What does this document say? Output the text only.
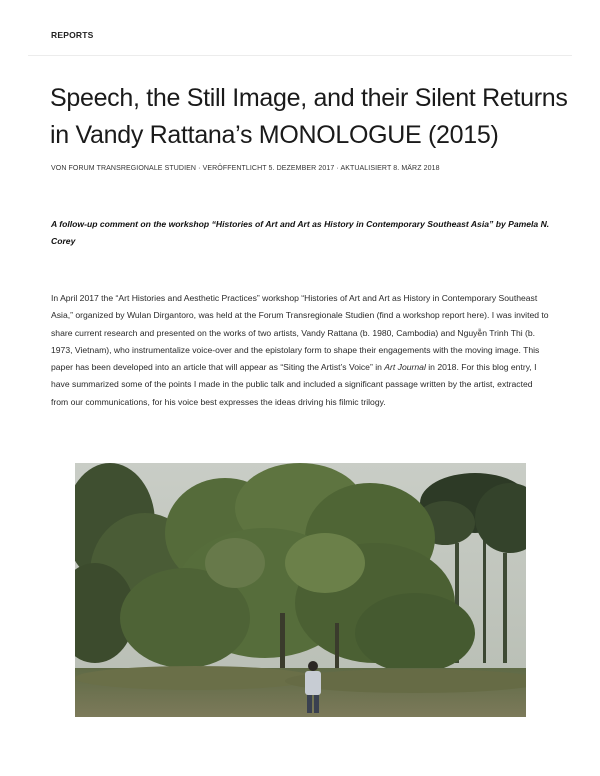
REPORTS
Speech, the Still Image, and their Silent Returns in Vandy Rattana’s MONOLOGUE (2015)
VON FORUM TRANSREGIONALE STUDIEN · VERÖFFENTLICHT 5. DEZEMBER 2017 · AKTUALISIERT 8. MÄRZ 2018

A follow-up comment on the workshop “Histories of Art and Art as History in Contemporary Southeast Asia” by Pamela N. Corey

In April 2017 the “Art Histories and Aesthetic Practices” workshop “Histories of Art and Art as History in Contemporary Southeast Asia,” organized by Wulan Dirgantoro, was held at the Forum Transregionale Studien (find a workshop report here). I was invited to share current research and presented on the works of two artists, Vandy Rattana (b. 1980, Cambodia) and Nguyễn Trinh Thi (b. 1973, Vietnam), who instrumentalize voice-over and the epistolary form to shape their engagements with the moving image. This paper has been developed into an article that will appear as “Siting the Artist’s Voice” in Art Journal in 2018. For this blog entry, I have summarized some of the points I made in the public talk and included a significant passage written by the artist, extracted from our communications, for his voice best expresses the ideas driving his filmic trilogy.
